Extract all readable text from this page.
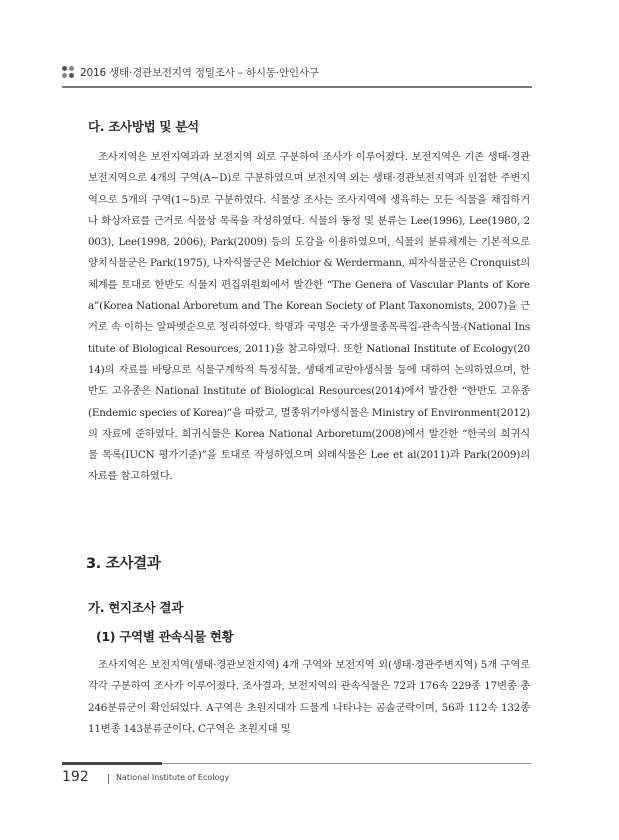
2016 생태·경관보전지역 정밀조사 – 하시동·안인사구
다. 조사방법 및 분석

조사지역은 보전지역과과 보전지역 외로 구분하여 조사가 이루어졌다. 보전지역은 기존 생태·경관보전지역으로 4개의 구역(A~D)로 구분하였으며 보전지역 외는 생태·경관보전지역과 인접한 주변지역으로 5개의 구역(1~5)로 구분하였다. 식물상 조사는 조사지역에 생육하는 모든 식물을 채집하거나 화상자료를 근거로 식물상 목록을 작성하였다. 식물의 동정 및 분류는 Lee(1996), Lee(1980, 2003), Lee(1998, 2006), Park(2009) 등의 도감을 이용하였으며, 식물의 분류체계는 기본적으로 양치식물군은 Park(1975), 나자식물군은 Melchior & Werdermann, 피자식물군은 Cronquist의 체계를 토대로 한반도 식물지 편집위원회에서 발간한 “The Genera of Vascular Plants of Korea”(Korea National Arboretum and The Korean Society of Plant Taxonomists, 2007)을 근거로 속 이하는 알파벳순으로 정리하였다. 학명과 국명은 국가생물종목록집-관속식물-(National Institute of Biological Resources, 2011)을 참고하였다. 또한 National Institute of Ecology(2014)의 자료를 바탕으로 식물구계학적 특정식물, 생태계교란야생식물 등에 대하여 논의하였으며, 한반도 고유종은 National Institute of Biological Resources(2014)에서 발간한 “한반도 고유종(Endemic species of Korea)”을 따랐고, 멸종위기야생식물은 Ministry of Environment(2012)의 자료에 준하였다. 희귀식물은 Korea National Arboretum(2008)에서 발간한 “한국의 희귀식물 목록(IUCN 평가기준)”을 토대로 작성하였으며 외래식물은 Lee et al(2011)과 Park(2009)의 자료를 참고하였다.

3. 조사결과
가. 현지조사 결과
(1) 구역별 관속식물 현황

조사지역은 보전지역(생태·경관보전지역) 4개 구역와 보전지역 외(생태·경관주변지역) 5개 구역로 각각 구분하여 조사가 이루어졌다. 조사결과, 보전지역의 관속식물은 72과 176속 229종 17변종 총 246분류군이 확인되었다. A구역은 초원지대가 드물게 나타나는 곰솔군락이며, 56과 112속 132종 11변종 143분류군이다. C구역은 초원지대 및

192	National Institute of Ecology
